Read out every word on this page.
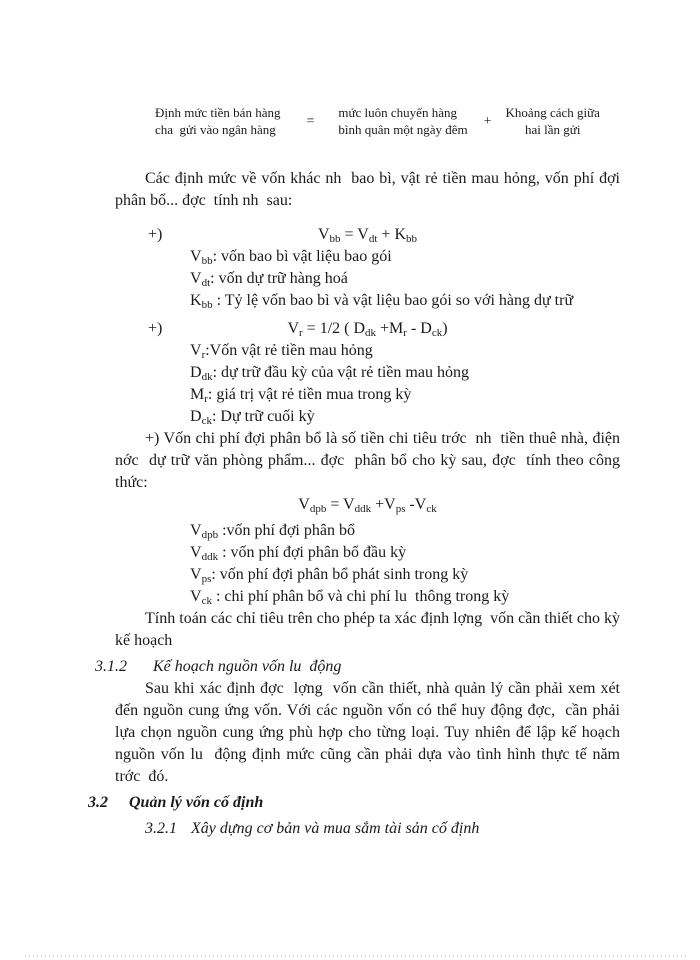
Định mức tiền bán hàng
cha  gửi vào ngân hàng
=
mức luôn chuyển hàng
bình quân một ngày đêm
+
Khoảng cách giữa
hai lần gửi

Các định mức về vốn khác nh  bao bì, vật rẻ tiền mau hỏng, vốn phí đợi phân bổ... đợc  tính nh  sau:

+)	$V_{bb} = V_{dt} + K_{bb}$
$V_{bb}$: vốn bao bì vật liệu bao gói
$V_{dt}$: vốn dự trữ hàng hoá
$K_{bb}$ : Tỷ lệ vốn bao bì và vật liệu bao gói so với hàng dự trữ
+)	$V_r = 1/2$ ( $D_{dk} +M_r - D_{ck}$)
$V_r:Vốn$ vật rẻ tiền mau hỏng
$D_{dk}$: dự trữ đầu kỳ của vật rẻ tiền mau hỏng
$M_r$: giá trị vật rẻ tiền mua trong kỳ
$D_{ck}$: Dự trữ cuối kỳ

+) Vốn chi phí đợi phân bổ là số tiền chi tiêu trớc  nh  tiền thuê nhà, điện nớc  dự trữ văn phòng phẩm... đợc  phân bổ cho kỳ sau, đợc  tính theo công thức:

$V_{dpb} = V_{ddk} +V_{ps}$ $-V_{ck}$
$V_{dpb}$ :vốn phí đợi phân bổ
$V_{ddk}$ : vốn phí đợi phân bổ đầu kỳ
$V_{ps}$: vốn phí đợi phân bổ phát sinh trong kỳ
$V_{ck}$ : chi phí phân bổ và chi phí lu  thông trong kỳ

Tính toán các chỉ tiêu trên cho phép ta xác định lợng  vốn cần thiết cho kỳ kế hoạch

3.1.2 Kế hoạch nguồn vốn lu  động

Sau khi xác định đợc  lợng  vốn cần thiết, nhà quản lý cần phải xem xét đến nguồn cung ứng vốn. Với các nguồn vốn có thể huy động đợc,  cần phải lựa chọn nguồn cung ứng phù hợp cho từng loại. Tuy nhiên để lập kế hoạch nguồn vốn lu  động định mức cũng cần phải dựa vào tình hình thực tế năm trớc  đó.

3.2 Quản lý vốn cố định
3.2.1 Xây dựng cơ bản và mua sắm tài sản cố định
